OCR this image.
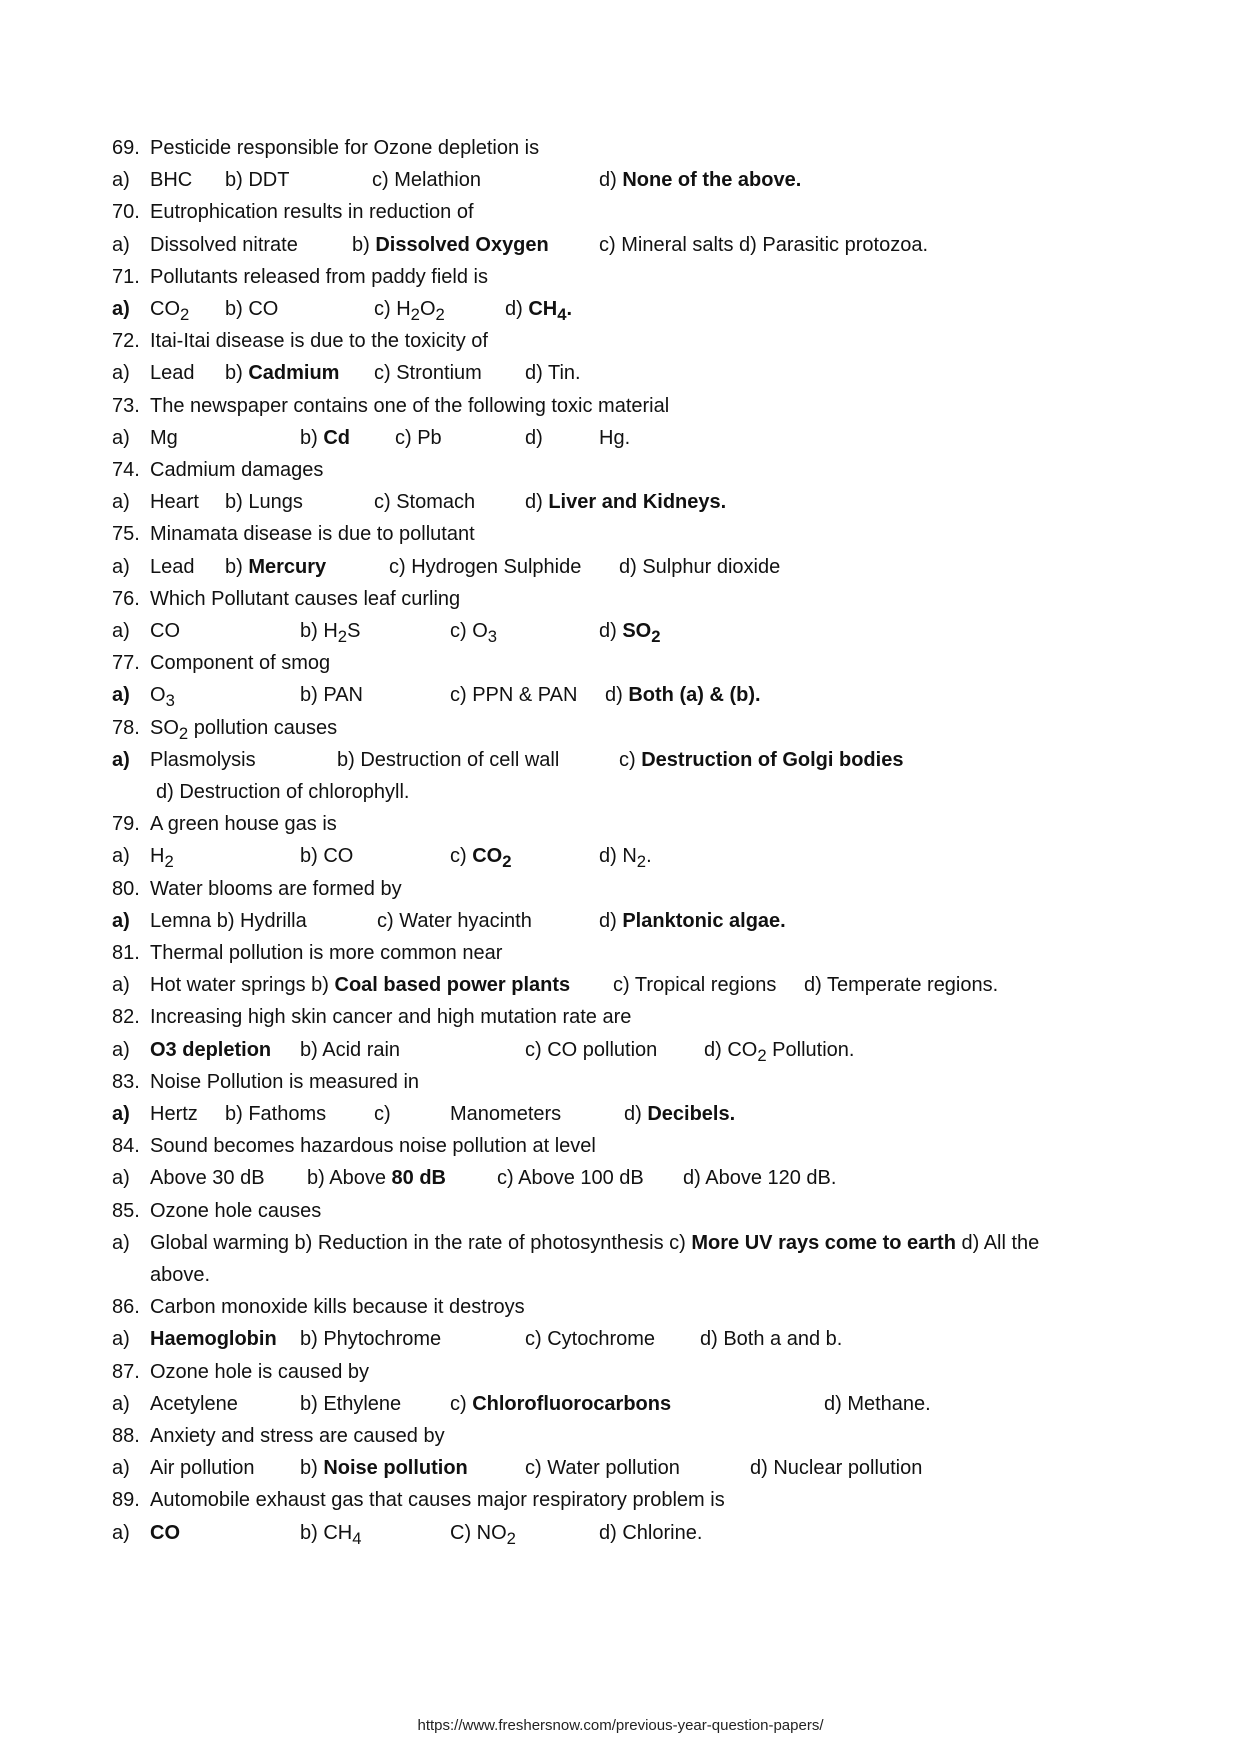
69. Pesticide responsible for Ozone depletion is
a) BHC b) DDT	c) Melathion	d) None of the above.
70. Eutrophication results in reduction of
a) Dissolved nitrate	b) Dissolved Oxygen	c) Mineral salts d) Parasitic protozoa.
71. Pollutants released from paddy field is
a) $CO_2$ b) CO	c) $H_2O_2$	d) $CH_4$.
72. Itai-Itai disease is due to the toxicity of
a) Lead b) Cadmium c) Strontium d) Tin.
73. The newspaper contains one of the following toxic material
a) Mg	b) Cd c) Pb	d)	Hg.
74. Cadmium damages
a) Heart b) Lungs	c) Stomach d) Liver and Kidneys.
75. Minamata disease is due to pollutant
a) Lead b) Mercury	c) Hydrogen Sulphide d) Sulphur dioxide
76. Which Pollutant causes leaf curling
a) CO	b) $H_2S$	c) $O_3$	d) $SO_2$
77. Component of smog
a) $O_3$	b) PAN	c) PPN & PAN d) Both (a) & (b).
78. $SO_2$ pollution causes
a) Plasmolysis	b) Destruction of cell wall	c) Destruction of Golgi bodies
d) Destruction of chlorophyll.
79. A green house gas is
a) $H_2$	b) CO	c) $CO_2$	d) $N_2$.
80. Water blooms are formed by
a) Lemna b) Hydrilla	c) Water hyacinth	d) Planktonic algae.
81. Thermal pollution is more common near
a) Hot water springs b) Coal based power plants c) Tropical regions d) Temperate regions.
82. Increasing high skin cancer and high mutation rate are
a) O3 depletion b) Acid rain	c) CO pollution d) $CO_2$ Pollution.
83. Noise Pollution is measured in
a) Hertz b) Fathoms c)	Manometers	d) Decibels.
84. Sound becomes hazardous noise pollution at level
a) Above 30 dB b) Above 80 dB	c) Above 100 dB d) Above 120 dB.
85. Ozone hole causes
a) Global warming b) Reduction in the rate of photosynthesis c) More UV rays come to earth d) All the
above.
86. Carbon monoxide kills because it destroys
a) Haemoglobin b) Phytochrome	c) Cytochrome d) Both a and b.
87. Ozone hole is caused by
a) Acetylene	b) Ethylene c) Chlorofluorocarbons	d) Methane.
88. Anxiety and stress are caused by
a) Air pollution b) Noise pollution	c) Water pollution	d) Nuclear pollution
89. Automobile exhaust gas that causes major respiratory problem is
a) CO	b) $CH_4$	C) $NO_2$	d) Chlorine.
https://www.freshersnow.com/previous-year-question-papers/
